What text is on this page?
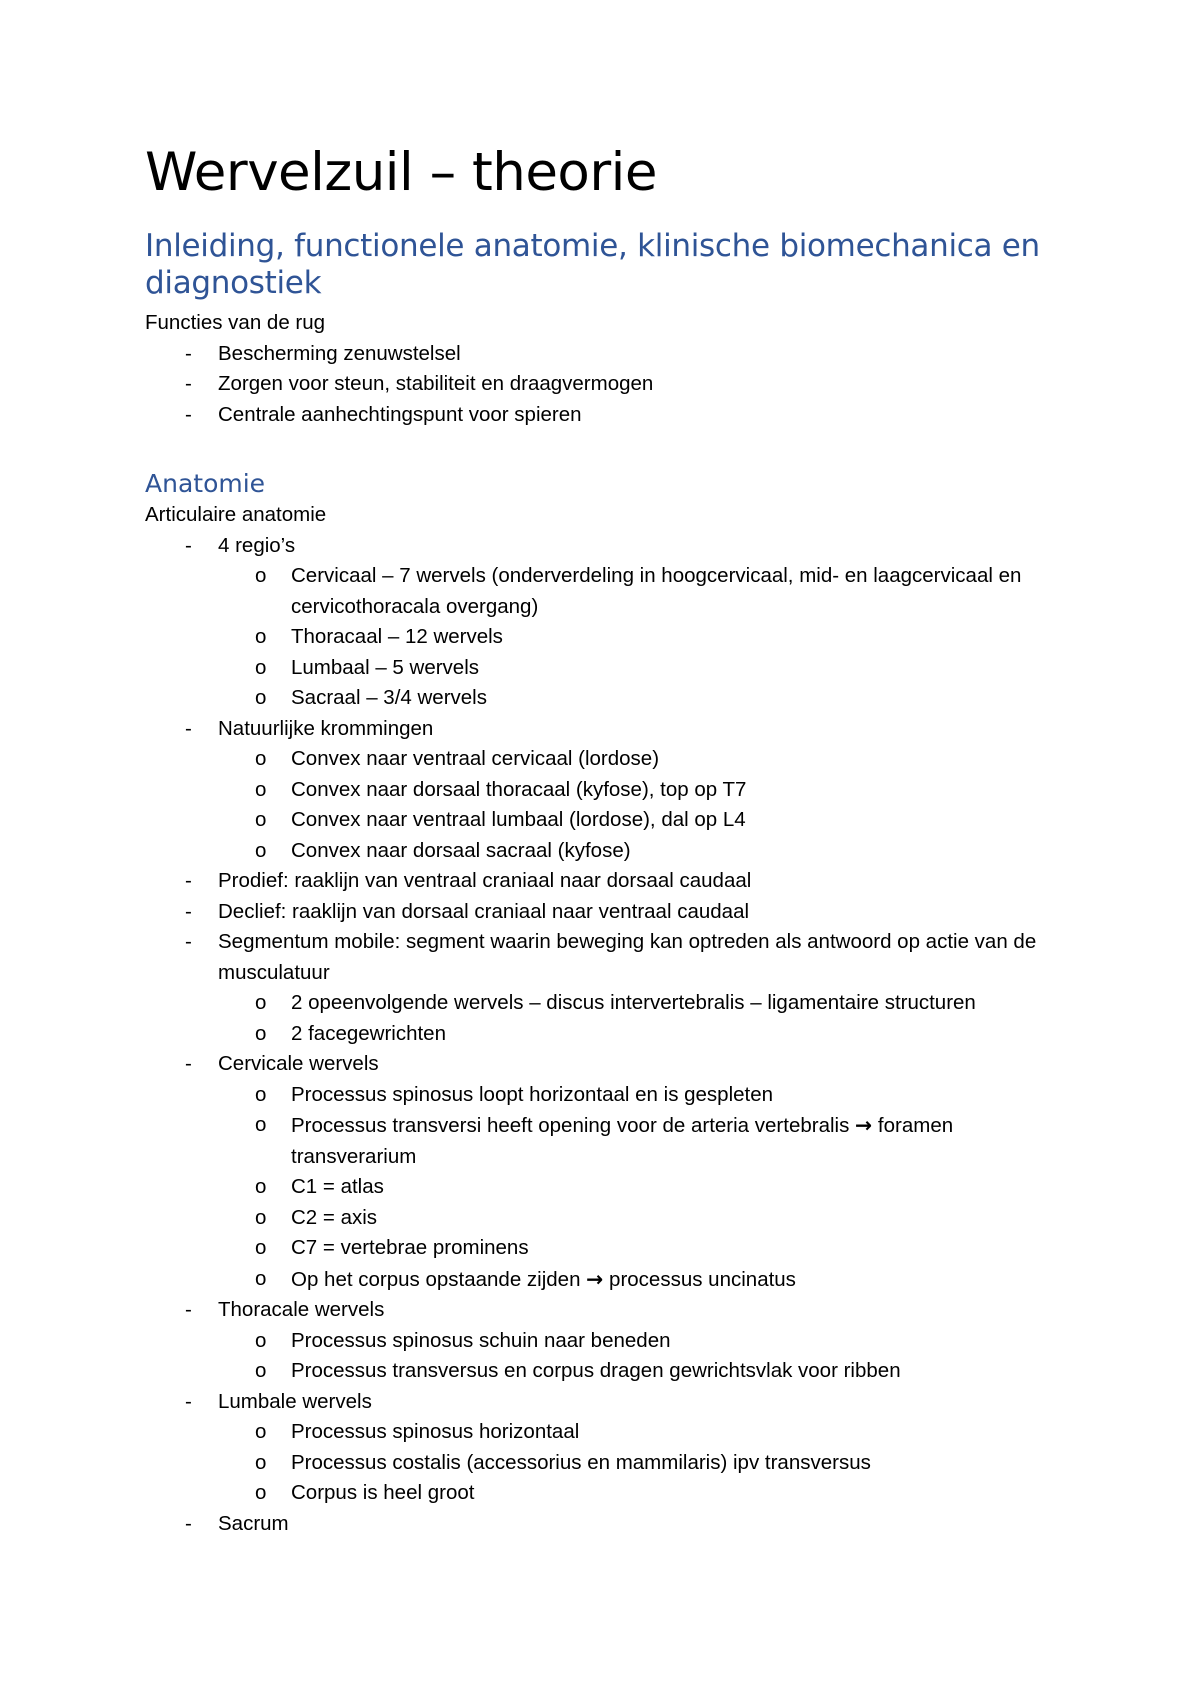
Wervelzuil – theorie
Inleiding, functionele anatomie, klinische biomechanica en diagnostiek

Functies van de rug

- Bescherming zenuwstelsel
- Zorgen voor steun, stabiliteit en draagvermogen
- Centrale aanhechtingspunt voor spieren
Anatomie

Articulaire anatomie

- 4 regio’s
o Cervicaal – 7 wervels (onderverdeling in hoogcervicaal, mid- en laagcervicaal en cervicothoracala overgang)
o Thoracaal – 12 wervels
o Lumbaal – 5 wervels
o Sacraal – 3/4 wervels
- Natuurlijke krommingen
o Convex naar ventraal cervicaal (lordose)
o Convex naar dorsaal thoracaal (kyfose), top op T7
o Convex naar ventraal lumbaal (lordose), dal op L4
o Convex naar dorsaal sacraal (kyfose)
- Prodief: raaklijn van ventraal craniaal naar dorsaal caudaal
- Declief: raaklijn van dorsaal craniaal naar ventraal caudaal
- Segmentum mobile: segment waarin beweging kan optreden als antwoord op actie van de musculatuur
o 2 opeenvolgende wervels – discus intervertebralis – ligamentaire structuren
o 2 facegewrichten
- Cervicale wervels
o Processus spinosus loopt horizontaal en is gespleten
o Processus transversi heeft opening voor de arteria vertebralis → foramen transverarium
o C1 = atlas
o C2 = axis
o C7 = vertebrae prominens
o Op het corpus opstaande zijden → processus uncinatus
- Thoracale wervels
o Processus spinosus schuin naar beneden
o Processus transversus en corpus dragen gewrichtsvlak voor ribben
- Lumbale wervels
o Processus spinosus horizontaal
o Processus costalis (accessorius en mammilaris) ipv transversus
o Corpus is heel groot
- Sacrum
